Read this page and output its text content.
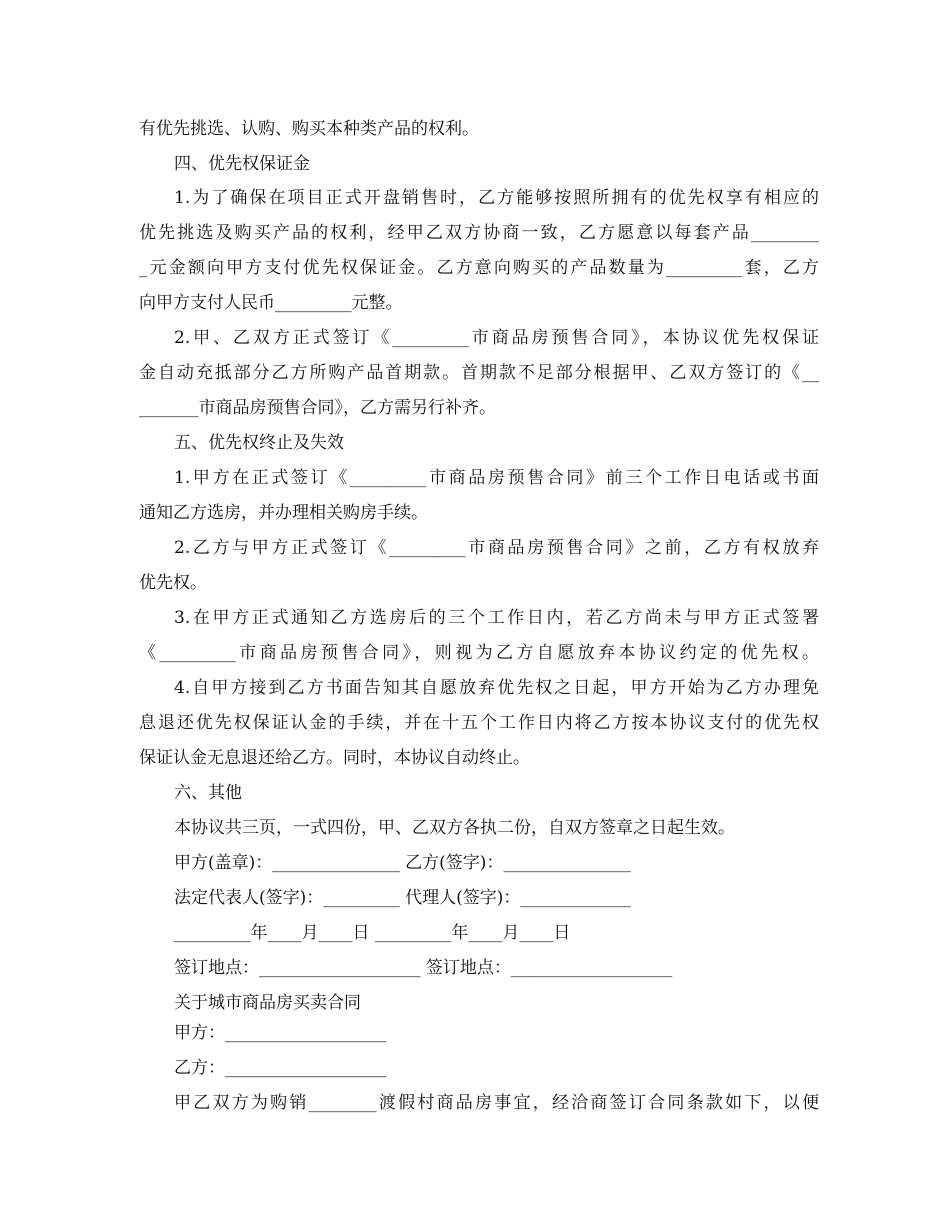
有优先挑选、认购、购买本种类产品的权利。
四、优先权保证金
1.为了确保在项目正式开盘销售时，乙方能够按照所拥有的优先权享有相应的
优先挑选及购买产品的权利，经甲乙双方协商一致，乙方愿意以每套产品________
_元金额向甲方支付优先权保证金。乙方意向购买的产品数量为_________套，乙方
向甲方支付人民币_________元整。
2.甲、乙双方正式签订《_________市商品房预售合同》，本协议优先权保证
金自动充抵部分乙方所购产品首期款。首期款不足部分根据甲、乙双方签订的《__
_______市商品房预售合同》，乙方需另行补齐。
五、优先权终止及失效
1.甲方在正式签订《_________市商品房预售合同》前三个工作日电话或书面
通知乙方选房，并办理相关购房手续。
2.乙方与甲方正式签订《_________市商品房预售合同》之前，乙方有权放弃
优先权。
3.在甲方正式通知乙方选房后的三个工作日内，若乙方尚未与甲方正式签署
《_________市商品房预售合同》，则视为乙方自愿放弃本协议约定的优先权。
4.自甲方接到乙方书面告知其自愿放弃优先权之日起，甲方开始为乙方办理免
息退还优先权保证认金的手续，并在十五个工作日内将乙方按本协议支付的优先权
保证认金无息退还给乙方。同时，本协议自动终止。
六、其他
本协议共三页，一式四份，甲、乙双方各执二份，自双方签章之日起生效。
甲方(盖章)：_______________ 乙方(签字)：_______________
法定代表人(签字)：_________ 代理人(签字)：_____________
_________年____月____日 _________年____月____日
签订地点：___________________ 签订地点：___________________
关于城市商品房买卖合同
甲方：___________________
乙方：___________________
甲乙双方为购销________渡假村商品房事宜，经洽商签订合同条款如下，以便
